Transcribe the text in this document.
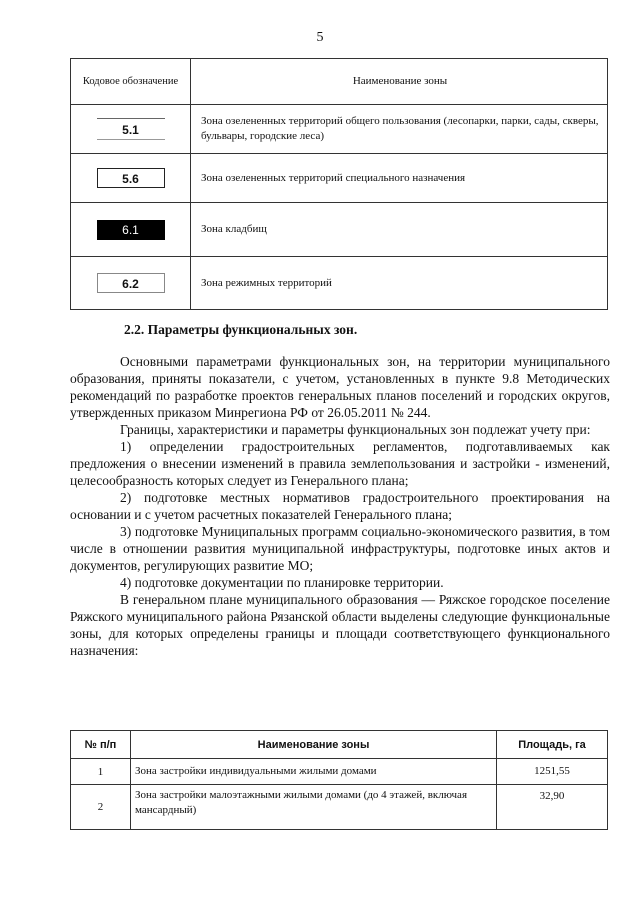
5
Кодовое обозначение	Наименование зоны
5.1	Зона озелененных территорий общего пользования (лесопарки, парки, сады, скверы, бульвары, городские леса)
5.6	Зона озелененных территорий специального назначения
6.1	Зона кладбищ
6.2	Зона режимных территорий
2.2. Параметры функциональных зон.

Основными параметрами функциональных зон, на территории муниципального образования, приняты показатели, с учетом, установленных в пункте 9.8 Методических рекомендаций по разработке проектов генеральных планов поселений и городских округов, утвержденных приказом Минрегиона РФ от 26.05.2011 № 244.

Границы, характеристики и параметры функциональных зон подлежат учету при:

1) определении градостроительных регламентов, подготавливаемых как предложения о внесении изменений в правила землепользования и застройки - изменений, целесообразность которых следует из Генерального плана;

2) подготовке местных нормативов градостроительного проектирования на основании и с учетом расчетных показателей Генерального плана;

3) подготовке Муниципальных программ социально-экономического развития, в том числе в отношении развития муниципальной инфраструктуры, подготовке иных актов и документов, регулирующих развитие МО;

4) подготовке документации по планировке территории.

В генеральном плане муниципального образования — Ряжское городское поселение Ряжского муниципального района Рязанской области выделены следующие функциональные зоны, для которых определены границы и площади соответствующего функционального назначения:

№ п/п	Наименование зоны	Площадь, га
1	Зона застройки индивидуальными жилыми домами	1251,55
2	Зона застройки малоэтажными жилыми домами (до 4 этажей, включая мансардный)	32,90
